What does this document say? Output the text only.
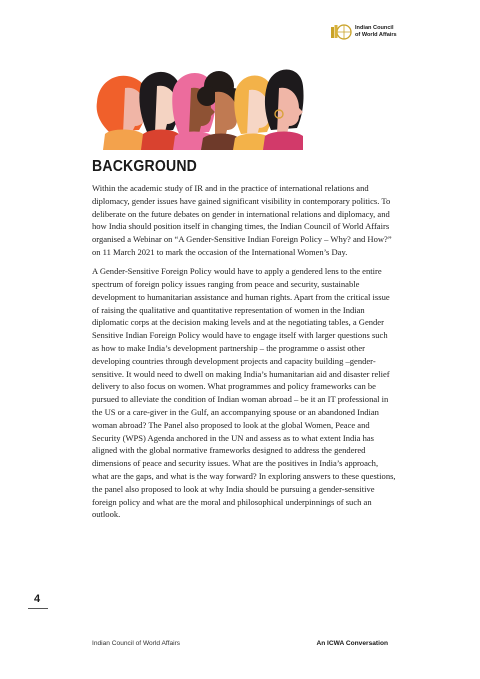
Indian Council
of World Affairs
BACKGROUND

Within the academic study of IR and in the practice of international relations and diplomacy, gender issues have gained significant visibility in contemporary politics. To deliberate on the future debates on gender in international relations and diplomacy, and how India should position itself in changing times, the Indian Council of World Affairs organised a Webinar on “A Gender-Sensitive Indian Foreign Policy – Why? and How?” on 11 March 2021 to mark the occasion of the International Women’s Day.

A Gender-Sensitive Foreign Policy would have to apply a gendered lens to the entire spectrum of foreign policy issues ranging from peace and security, sustainable development to humanitarian assistance and human rights. Apart from the critical issue of raising the qualitative and quantitative representation of women in the Indian diplomatic corps at the decision making levels and at the negotiating tables, a Gender Sensitive Indian Foreign Policy would have to engage itself with larger questions such as how to make India’s development partnership – the programme o assist other developing countries through development projects and capacity building –gender-sensitive. It would need to dwell on making India’s humanitarian aid and disaster relief delivery to also focus on women. What programmes and policy frameworks can be pursued to alleviate the condition of Indian woman abroad – be it an IT professional in the US or a care-giver in the Gulf, an accompanying spouse or an abandoned Indian woman abroad? The Panel also proposed to look at the global Women, Peace and Security (WPS) Agenda anchored in the UN and assess as to what extent India has aligned with the global normative frameworks designed to address the gendered dimensions of peace and security issues. What are the positives in India’s approach, what are the gaps, and what is the way forward? In exploring answers to these questions, the panel also proposed to look at why India should be pursuing a gender-sensitive foreign policy and what are the moral and philosophical underpinnings of such an outlook.

4
Indian Council of World Affairs	An ICWA Conversation
